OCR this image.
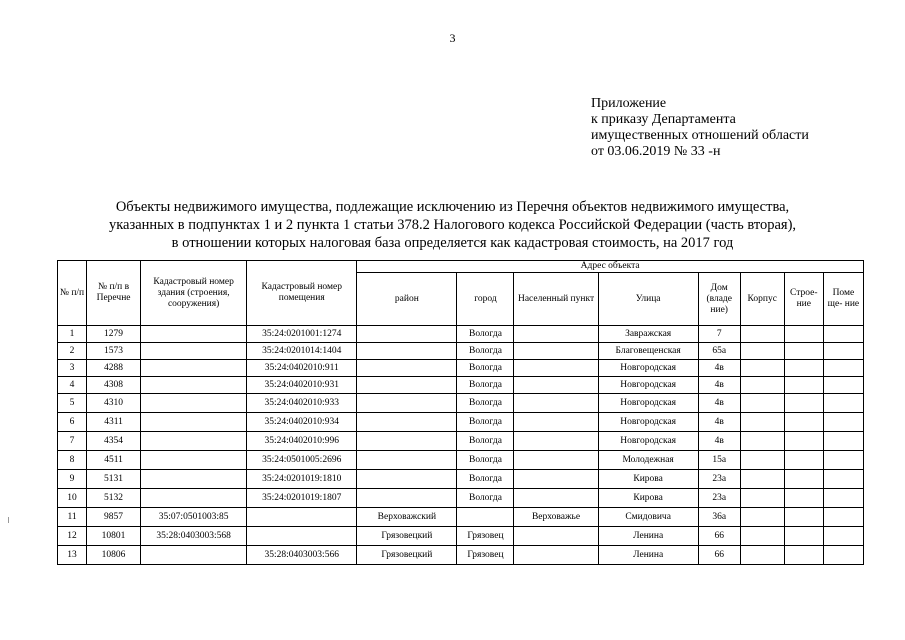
3
Приложение
к приказу Департамента
имущественных отношений области
от 03.06.2019 № 33 -н
Объекты недвижимого имущества, подлежащие исключению из Перечня объектов недвижимого имущества,
указанных в подпунктах 1 и 2 пункта 1 статьи 378.2 Налогового кодекса Российской Федерации (часть вторая),
в отношении которых налоговая база определяется как кадастровая стоимость, на 2017 год
№ п/п	№ п/п в Перечне	Кадастровый номер здания (строения, сооружения)	Кадастровый номер помещения	Адрес объекта							
				район	город	Населенный пункт	Улица	Дом (владе ние)	Корпус	Строе- ние	Поме ще- ние
1	1279		35:24:0201001:1274		Вологда		Завражская	7			
2	1573		35:24:0201014:1404		Вологда		Благовещенская	65а			
3	4288		35:24:0402010:911		Вологда		Новгородская	4в			
4	4308		35:24:0402010:931		Вологда		Новгородская	4в			
5	4310		35:24:0402010:933		Вологда		Новгородская	4в			
6	4311		35:24:0402010:934		Вологда		Новгородская	4в			
7	4354		35:24:0402010:996		Вологда		Новгородская	4в			
8	4511		35:24:0501005:2696		Вологда		Молодежная	15а			
9	5131		35:24:0201019:1810		Вологда		Кирова	23а			
10	5132		35:24:0201019:1807		Вологда		Кирова	23а			
11	9857	35:07:0501003:85		Верховажский		Верховажье	Смидовича	36а			
12	10801	35:28:0403003:568		Грязовецкий	Грязовец		Ленина	66			
13	10806		35:28:0403003:566	Грязовецкий	Грязовец		Ленина	66			
